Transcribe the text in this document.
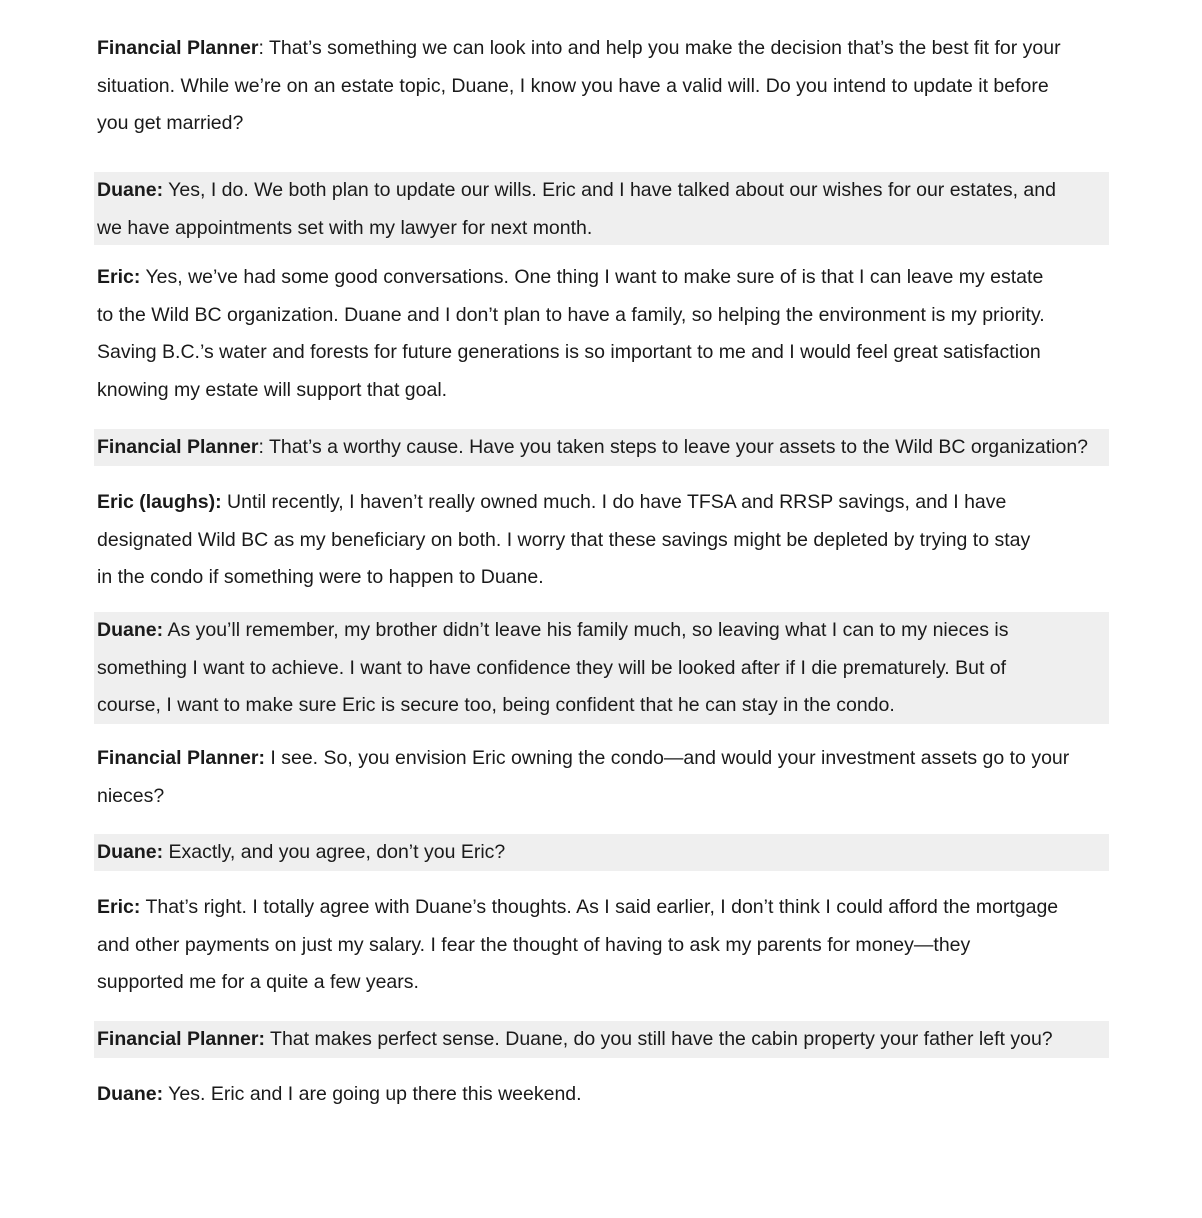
Financial Planner: That’s something we can look into and help you make the decision that’s the best fit for your
situation. While we’re on an estate topic, Duane, I know you have a valid will. Do you intend to update it before
you get married?
Duane: Yes, I do. We both plan to update our wills. Eric and I have talked about our wishes for our estates, and
we have appointments set with my lawyer for next month.
Eric: Yes, we’ve had some good conversations. One thing I want to make sure of is that I can leave my estate
to the Wild BC organization. Duane and I don’t plan to have a family, so helping the environment is my priority.
Saving B.C.’s water and forests for future generations is so important to me and I would feel great satisfaction
knowing my estate will support that goal.
Financial Planner: That’s a worthy cause. Have you taken steps to leave your assets to the Wild BC organization?
Eric (laughs): Until recently, I haven’t really owned much. I do have TFSA and RRSP savings, and I have
designated Wild BC as my beneficiary on both. I worry that these savings might be depleted by trying to stay
in the condo if something were to happen to Duane.
Duane: As you’ll remember, my brother didn’t leave his family much, so leaving what I can to my nieces is
something I want to achieve. I want to have confidence they will be looked after if I die prematurely. But of
course, I want to make sure Eric is secure too, being confident that he can stay in the condo.
Financial Planner: I see. So, you envision Eric owning the condo—and would your investment assets go to your
nieces?
Duane: Exactly, and you agree, don’t you Eric?
Eric: That’s right. I totally agree with Duane’s thoughts. As I said earlier, I don’t think I could afford the mortgage
and other payments on just my salary. I fear the thought of having to ask my parents for money—they
supported me for a quite a few years.
Financial Planner: That makes perfect sense. Duane, do you still have the cabin property your father left you?
Duane: Yes. Eric and I are going up there this weekend.
